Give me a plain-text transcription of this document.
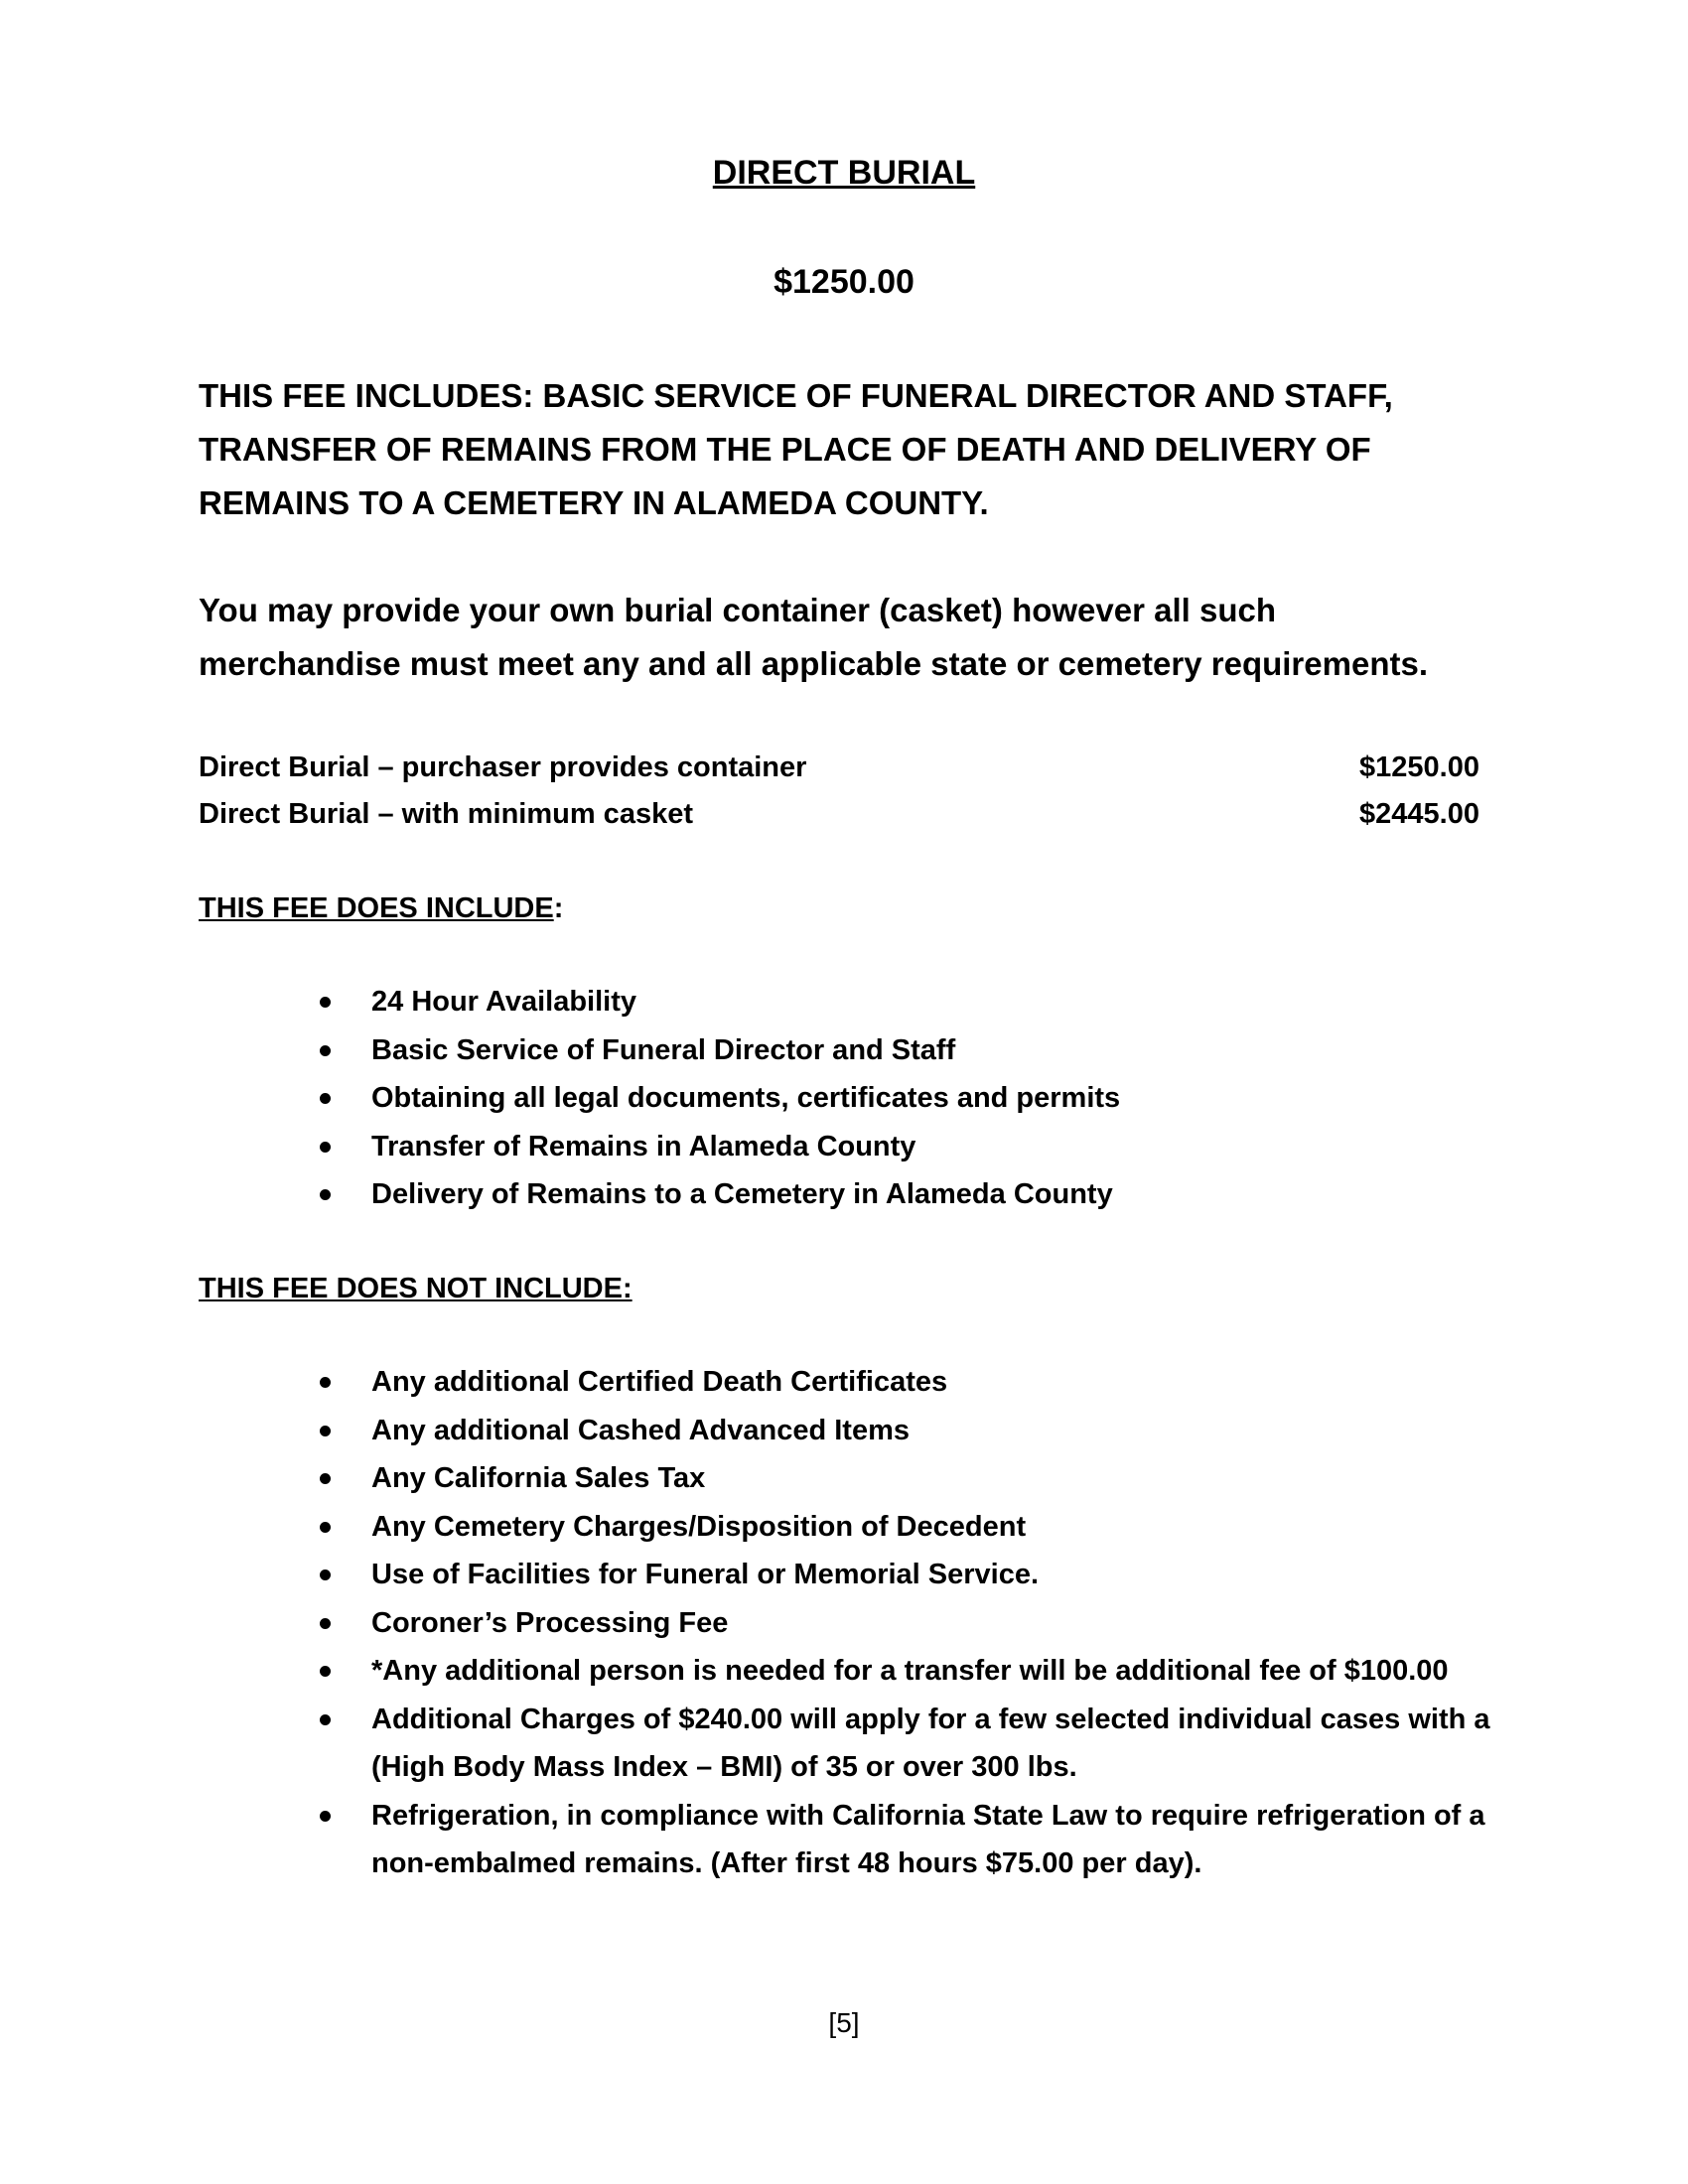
DIRECT BURIAL
$1250.00
THIS FEE INCLUDES: BASIC SERVICE OF FUNERAL DIRECTOR AND STAFF,
TRANSFER OF REMAINS FROM THE PLACE OF DEATH AND DELIVERY OF
REMAINS TO A CEMETERY IN ALAMEDA COUNTY.
You may provide your own burial container (casket) however all such
merchandise must meet any and all applicable state or cemetery requirements.
Direct Burial – purchaser provides container	$1250.00
Direct Burial – with minimum casket	$2445.00
THIS FEE DOES INCLUDE:
24 Hour Availability
Basic Service of Funeral Director and Staff
Obtaining all legal documents, certificates and permits
Transfer of Remains in Alameda County
Delivery of Remains to a Cemetery in Alameda County
THIS FEE DOES NOT INCLUDE:
Any additional Certified Death Certificates
Any additional Cashed Advanced Items
Any California Sales Tax
Any Cemetery Charges/Disposition of Decedent
Use of Facilities for Funeral or Memorial Service.
Coroner’s Processing Fee
*Any additional person is needed for a transfer will be additional fee of $100.00
Additional Charges of $240.00 will apply for a few selected individual cases with a (High Body Mass Index – BMI) of 35 or over 300 lbs.
Refrigeration, in compliance with California State Law to require refrigeration of a non-embalmed remains. (After first 48 hours $75.00 per day).
[5]
